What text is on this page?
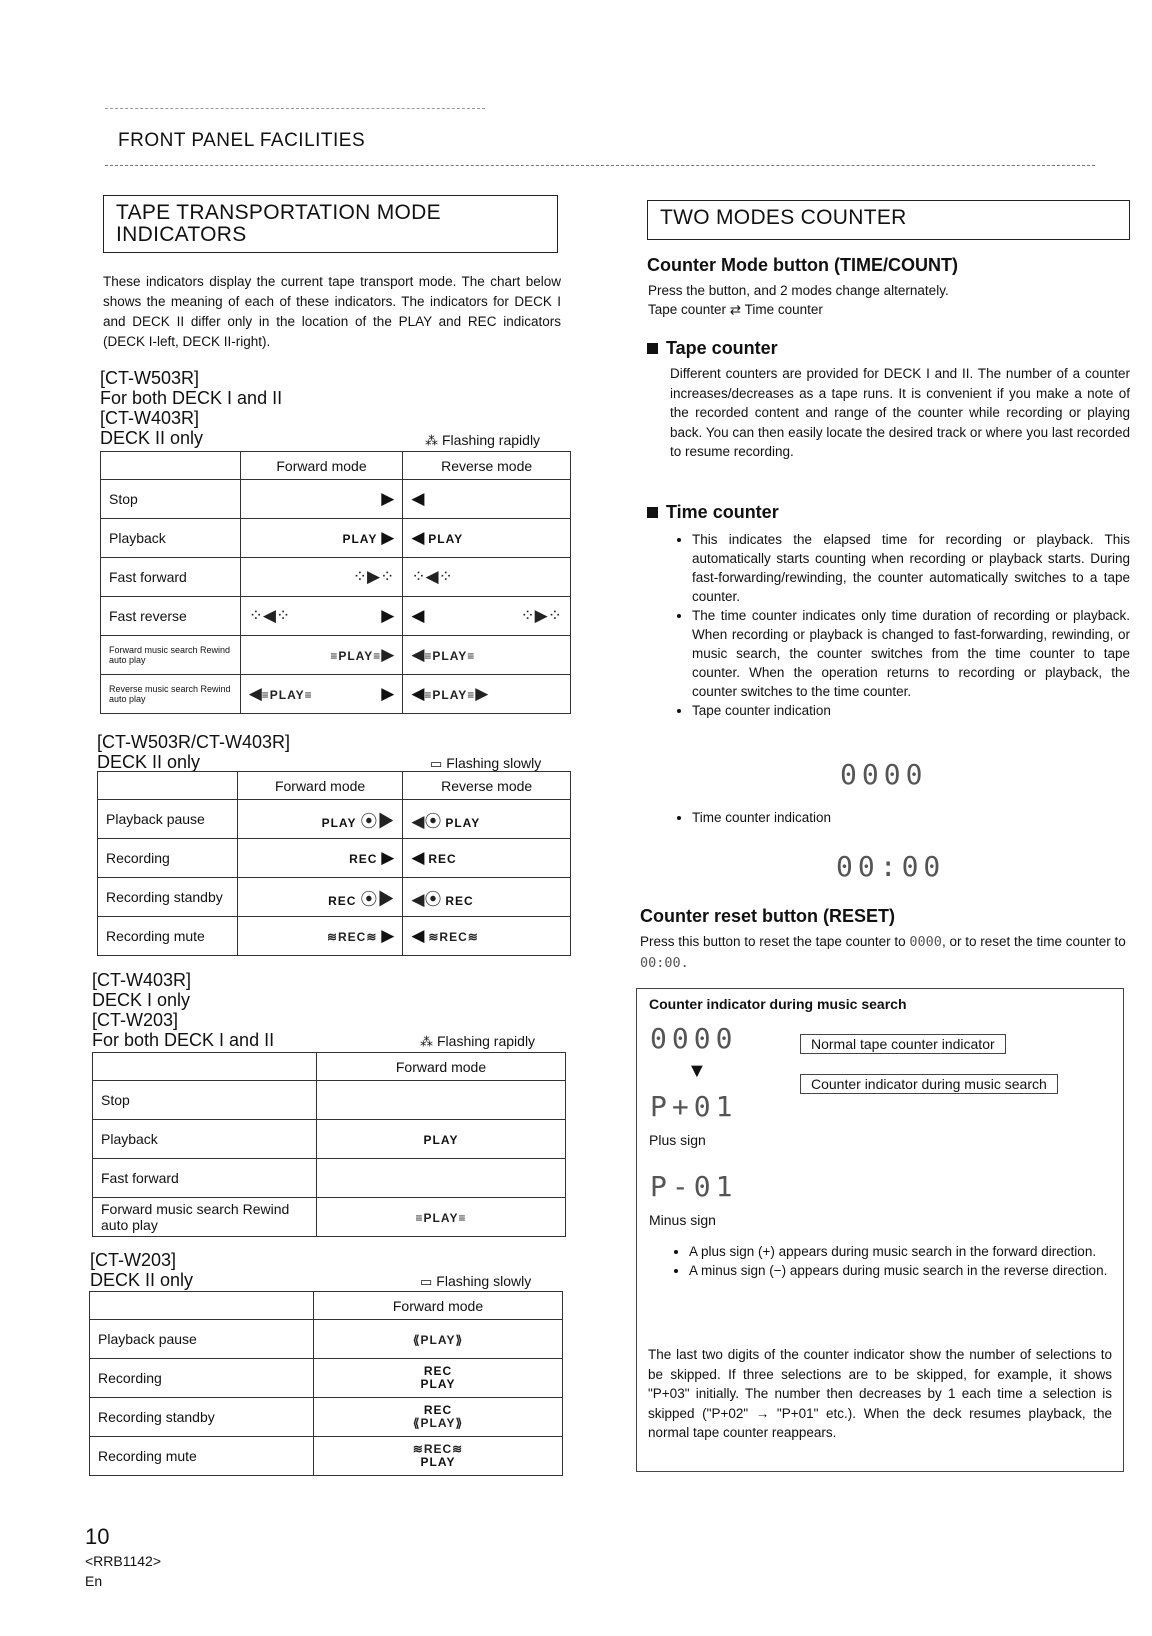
FRONT PANEL FACILITIES
TAPE TRANSPORTATION MODE INDICATORS
These indicators display the current tape transport mode. The chart below shows the meaning of each of these indicators. The indicators for DECK I and DECK II differ only in the location of the PLAY and REC indicators (DECK I-left, DECK II-right).
[CT-W503R]
For both DECK I and II
[CT-W403R]
DECK II only	⁂ Flashing rapidly
	Forward mode	Reverse mode
Stop	▶	◀
Playback	PLAY ▶	◀ PLAY
Fast forward	⁘▶⁘	⁘◀⁘
Fast reverse	⁘◀⁘ ▶	◀ ⁘▶⁘

Forward music search Rewind auto play	≡PLAY≡▶	◀≡PLAY≡
Reverse music search Rewind auto play	◀≡PLAY≡ ▶	◀≡PLAY≡▶
[CT-W503R/CT-W403R]
DECK II only	▭ Flashing slowly
	Forward mode	Reverse mode
Playback pause	PLAY ⦿▶	◀⦿ PLAY
Recording	REC ▶	◀ REC
Recording standby	REC ⦿▶	◀⦿ REC
Recording mute	≋REC≋ ▶	◀ ≋REC≋
[CT-W403R]
DECK I only
[CT-W203]
For both DECK I and II	⁂ Flashing rapidly
	Forward mode
Stop	
Playback	PLAY
Fast forward	
Forward music search Rewind auto play	≡PLAY≡
[CT-W203]
DECK II only	▭ Flashing slowly
	Forward mode
Playback pause	⟪PLAY⟫
Recording	REC
PLAY

Recording standby	REC
⟪PLAY⟫

Recording mute	≋REC≋
PLAY
TWO MODES COUNTER
Counter Mode button (TIME/COUNT)
Press the button, and 2 modes change alternately.
Tape counter ⇄ Time counter
Tape counter
Different counters are provided for DECK I and II. The number of a counter increases/decreases as a tape runs. It is convenient if you make a note of the recorded content and range of the counter while recording or playing back. You can then easily locate the desired track or where you last recorded to resume recording.
Time counter
• This indicates the elapsed time for recording or playback. This automatically starts counting when recording or playback starts. During fast-forwarding/rewinding, the counter automatically switches to a tape counter.
• The time counter indicates only time duration of recording or playback. When recording or playback is changed to fast-forwarding, rewinding, or music search, the counter switches from the time counter to tape counter. When the operation returns to recording or playback, the counter switches to the time counter.
• Tape counter indication
0000
• Time counter indication
00:00
Counter reset button (RESET)
Press this button to reset the tape counter to 0000, or to reset the time counter to 00:00.
Counter indicator during music search
0000	Normal tape counter indicator
▼
Counter indicator during music search
P+01
Plus sign
P-01
Minus sign
• A plus sign (+) appears during music search in the forward direction.
• A minus sign (−) appears during music search in the reverse direction.
The last two digits of the counter indicator show the number of selections to be skipped. If three selections are to be skipped, for example, it shows "P+03" initially. The number then decreases by 1 each time a selection is skipped ("P+02" → "P+01" etc.). When the deck resumes playback, the normal tape counter reappears.
10
<RRB1142>
En
